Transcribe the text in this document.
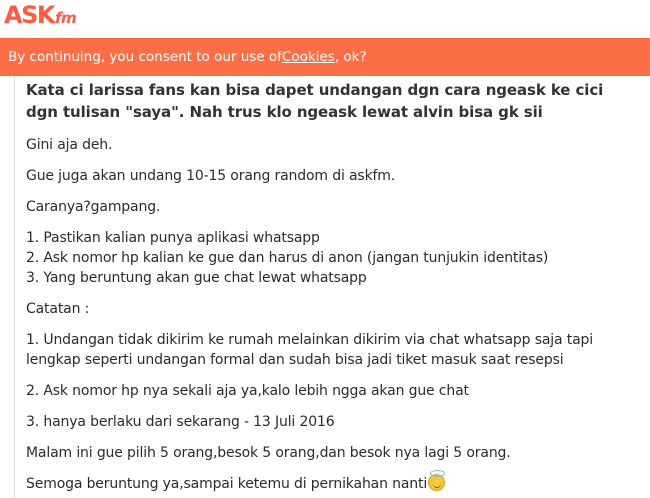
ASK fm
By continuing, you consent to our use of Cookies , ok?
Kata ci larissa fans kan bisa dapet undangan dgn cara ngeask ke cici dgn tulisan "saya". Nah trus klo ngeask lewat alvin bisa gk sii

Gini aja deh.

Gue juga akan undang 10-15 orang random di askfm.

Caranya?gampang.

1. Pastikan kalian punya aplikasi whatsapp
2. Ask nomor hp kalian ke gue dan harus di anon (jangan tunjukin identitas)
3. Yang beruntung akan gue chat lewat whatsapp

Catatan :

1. Undangan tidak dikirim ke rumah melainkan dikirim via chat whatsapp saja tapi
lengkap seperti undangan formal dan sudah bisa jadi tiket masuk saat resepsi

2. Ask nomor hp nya sekali aja ya,kalo lebih ngga akan gue chat

3. hanya berlaku dari sekarang - 13 Juli 2016

Malam ini gue pilih 5 orang,besok 5 orang,dan besok nya lagi 5 orang.

Semoga beruntung ya,sampai ketemu di pernikahan nanti
